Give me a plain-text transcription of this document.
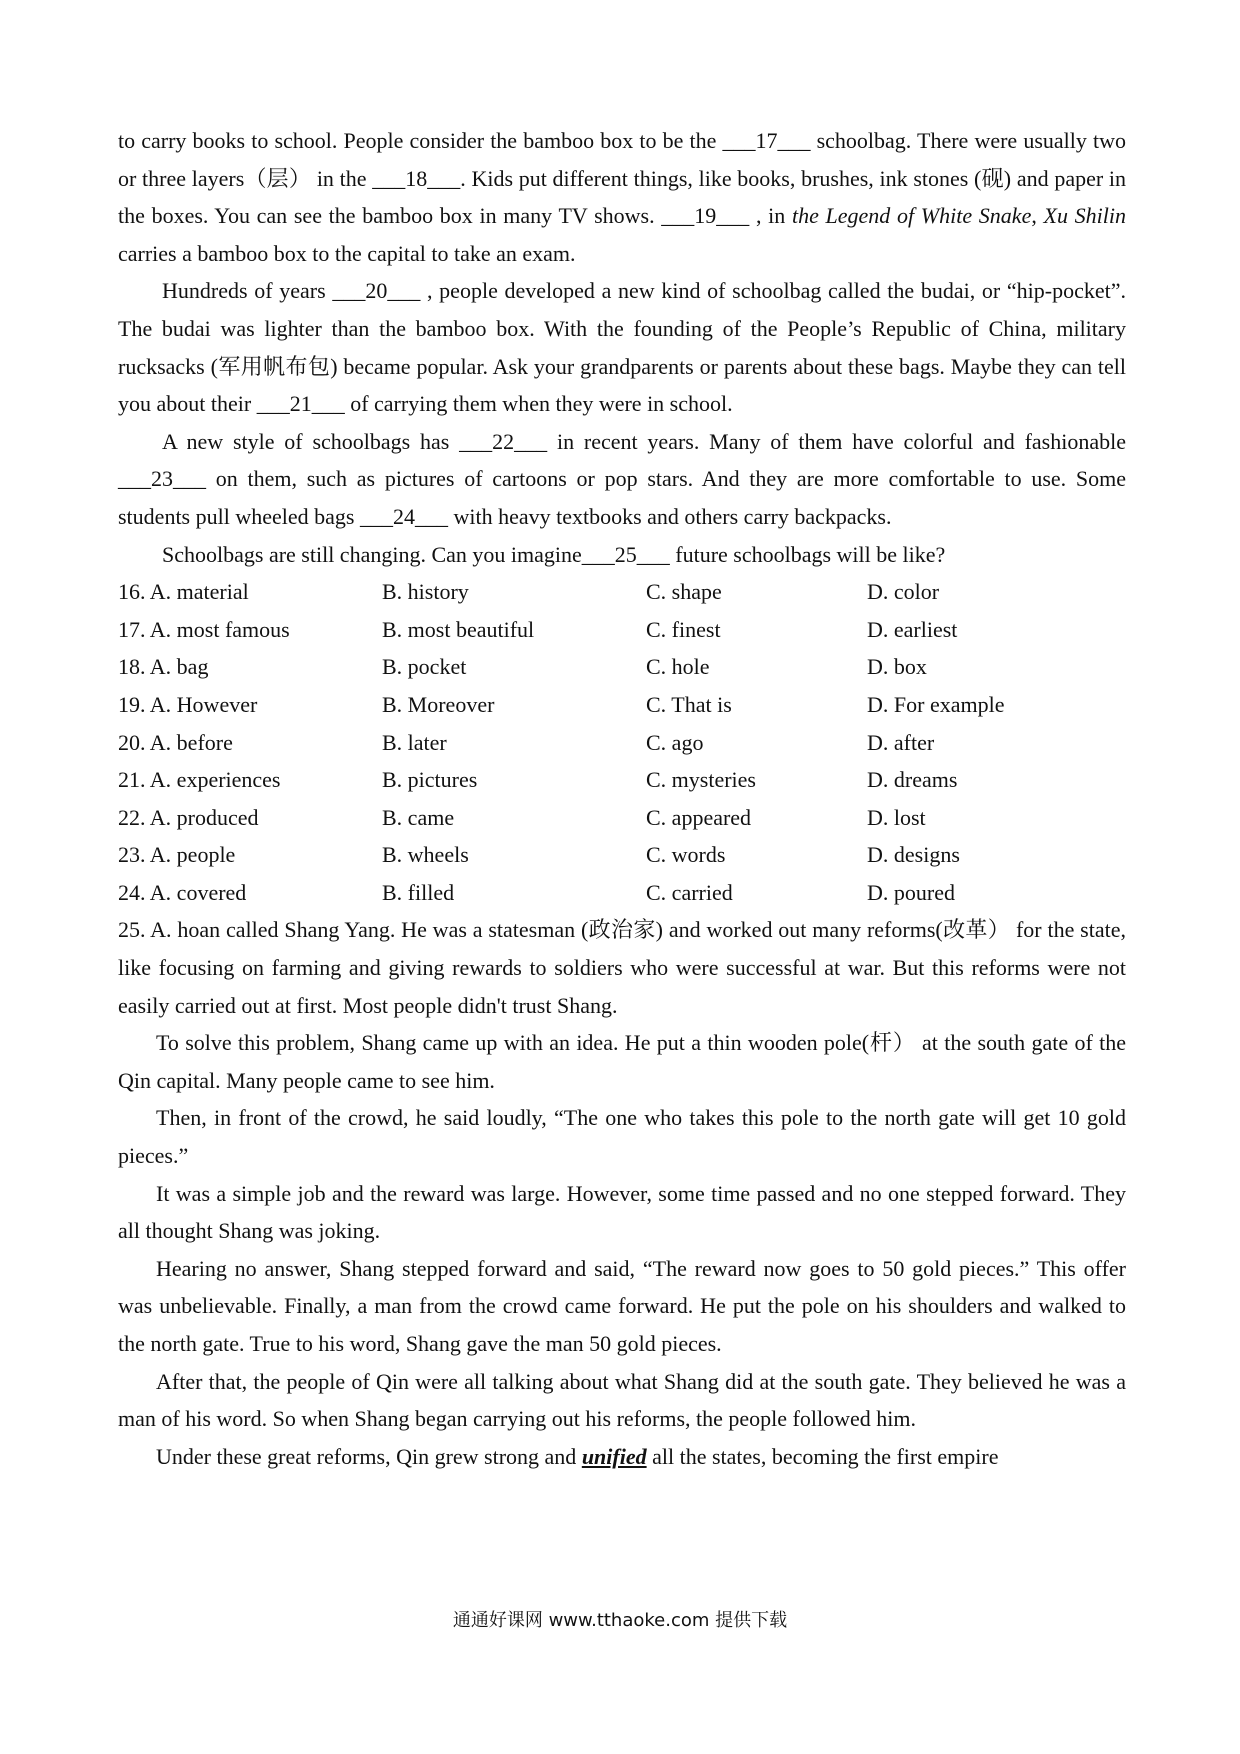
to carry books to school. People consider the bamboo box to be the ___17___ schoolbag. There were usually two or three layers（层） in the ___18___. Kids put different things, like books, brushes, ink stones (砚) and paper in the boxes. You can see the bamboo box in many TV shows. ___19___ , in the Legend of White Snake, Xu Shilin carries a bamboo box to the capital to take an exam.

Hundreds of years ___20___ , people developed a new kind of schoolbag called the budai, or “hip-pocket”. The budai was lighter than the bamboo box. With the founding of the People’s Republic of China, military rucksacks (军用帆布包) became popular. Ask your grandparents or parents about these bags. Maybe they can tell you about their ___21___ of carrying them when they were in school.

A new style of schoolbags has ___22___ in recent years. Many of them have colorful and fashionable ___23___ on them, such as pictures of cartoons or pop stars. And they are more comfortable to use. Some students pull wheeled bags ___24___ with heavy textbooks and others carry backpacks.

Schoolbags are still changing. Can you imagine___25___ future schoolbags will be like?

16. A. material	B. history	C. shape	D. color
17. A. most famous	B. most beautiful	C. finest	D. earliest
18. A. bag	B. pocket	C. hole	D. box
19. A. However	B. Moreover	C. That is	D. For example
20. A. before	B. later	C. ago	D. after
21. A. experiences	B. pictures	C. mysteries	D. dreams
22. A. produced	B. came	C. appeared	D. lost
23. A. people	B. wheels	C. words	D. designs
24. A. covered	B. filled	C. carried	D. poured

25. A. hoan called Shang Yang. He was a statesman (政治家) and worked out many reforms(改革） for the state, like focusing on farming and giving rewards to soldiers who were successful at war. But this reforms were not easily carried out at first. Most people didn't trust Shang.

To solve this problem, Shang came up with an idea. He put a thin wooden pole(杆） at the south gate of the Qin capital. Many people came to see him.

Then, in front of the crowd, he said loudly, “The one who takes this pole to the north gate will get 10 gold pieces.”

It was a simple job and the reward was large. However, some time passed and no one stepped forward. They all thought Shang was joking.

Hearing no answer, Shang stepped forward and said, “The reward now goes to 50 gold pieces.” This offer was unbelievable. Finally, a man from the crowd came forward. He put the pole on his shoulders and walked to the north gate. True to his word, Shang gave the man 50 gold pieces.

After that, the people of Qin were all talking about what Shang did at the south gate. They believed he was a man of his word. So when Shang began carrying out his reforms, the people followed him.

Under these great reforms, Qin grew strong and unified all the states, becoming the first empire

通通好课网 www.tthaoke.com 提供下载
